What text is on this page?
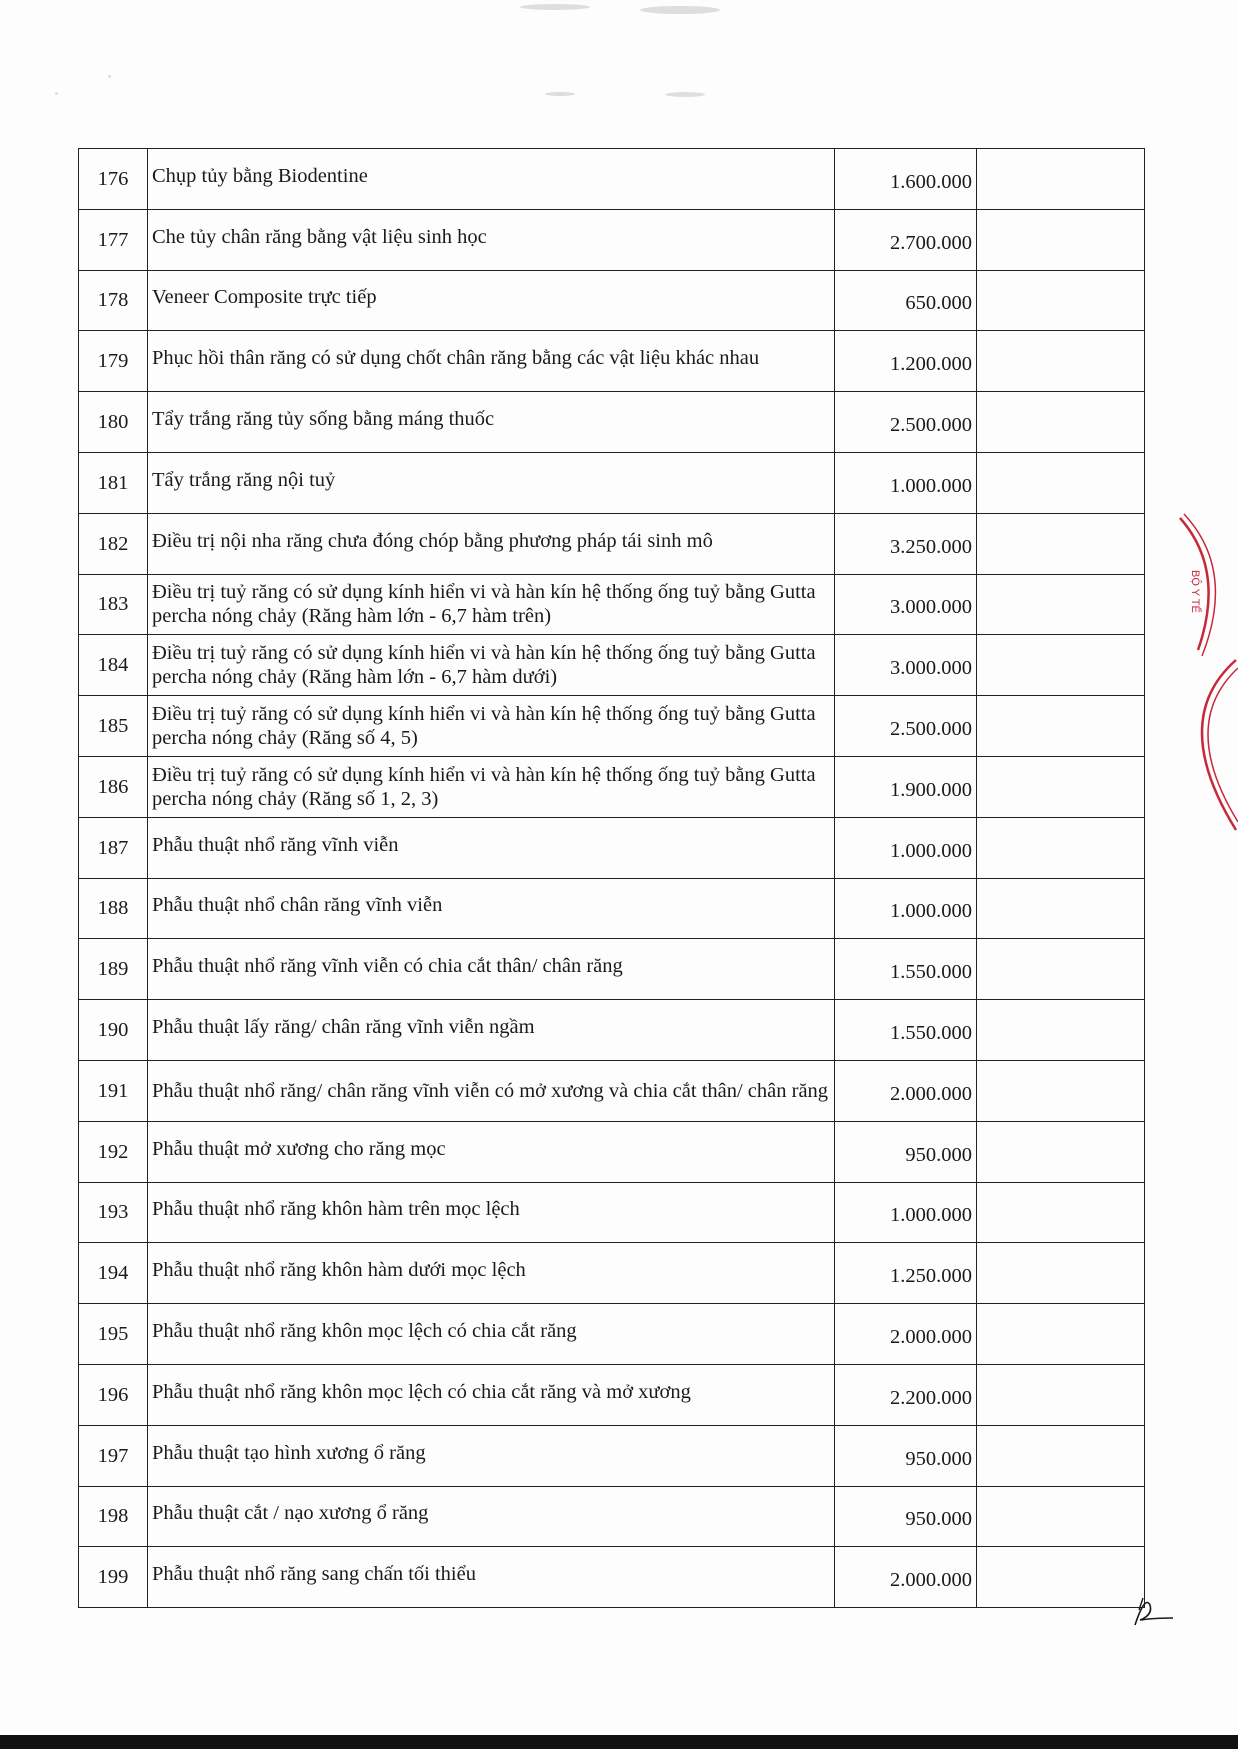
176	Chụp tủy bằng Biodentine	1.600.000	
177	Che tủy chân răng bằng vật liệu sinh học	2.700.000	
178	Veneer Composite trực tiếp	650.000	
179	Phục hồi thân răng có sử dụng chốt chân răng bằng các vật liệu khác nhau	1.200.000	
180	Tẩy trắng răng tủy sống bằng máng thuốc	2.500.000	
181	Tẩy trắng răng nội tuỷ	1.000.000	
182	Điều trị nội nha răng chưa đóng chóp bằng phương pháp tái sinh mô	3.250.000	
183	Điều trị tuỷ răng có sử dụng kính hiển vi và hàn kín hệ thống ống tuỷ bằng Gutta percha nóng chảy (Răng hàm lớn - 6,7 hàm trên)	3.000.000	
184	Điều trị tuỷ răng có sử dụng kính hiển vi và hàn kín hệ thống ống tuỷ bằng Gutta percha nóng chảy (Răng hàm lớn - 6,7 hàm dưới)	3.000.000	
185	Điều trị tuỷ răng có sử dụng kính hiển vi và hàn kín hệ thống ống tuỷ bằng Gutta percha nóng chảy (Răng số 4, 5)	2.500.000	
186	Điều trị tuỷ răng có sử dụng kính hiển vi và hàn kín hệ thống ống tuỷ bằng Gutta percha nóng chảy (Răng số 1, 2, 3)	1.900.000	
187	Phẫu thuật nhổ răng vĩnh viễn	1.000.000	
188	Phẫu thuật nhổ chân răng vĩnh viễn	1.000.000	
189	Phẫu thuật nhổ răng vĩnh viễn có chia cắt thân/ chân răng	1.550.000	
190	Phẫu thuật lấy răng/ chân răng vĩnh viễn ngầm	1.550.000	
191	Phẫu thuật nhổ răng/ chân răng vĩnh viễn có mở xương và chia cắt thân/ chân răng	2.000.000	
192	Phẫu thuật mở xương cho răng mọc	950.000	
193	Phẫu thuật nhổ răng khôn hàm trên mọc lệch	1.000.000	
194	Phẫu thuật nhổ răng khôn hàm dưới mọc lệch	1.250.000	
195	Phẫu thuật nhổ răng khôn mọc lệch có chia cắt răng	2.000.000	
196	Phẫu thuật nhổ răng khôn mọc lệch có chia cắt răng và mở xương	2.200.000	
197	Phẫu thuật tạo hình xương ổ răng	950.000	
198	Phẫu thuật cắt / nạo xương ổ răng	950.000	
199	Phẫu thuật nhổ răng sang chấn tối thiểu	2.000.000	
BỘ Y TẾ
